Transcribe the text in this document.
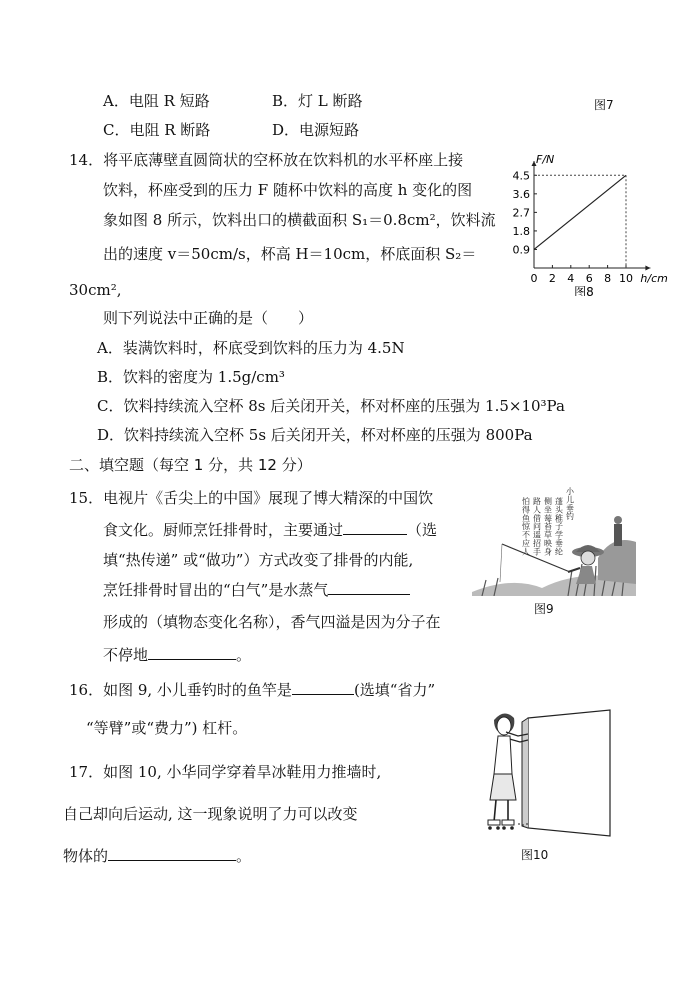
A．电阻 R 短路	B．灯 L 断路	图7
C．电阻 R 断路	D．电源短路
14．将平底薄壁直圆筒状的空杯放在饮料机的水平杯座上接
饮料，杯座受到的压力 F 随杯中饮料的高度 h 变化的图
象如图 8 所示，饮料出口的横截面积 S₁＝0.8cm²，饮料流
出的速度 v＝50cm/s，杯高 H＝10cm，杯底面积 S₂＝
30cm²,
则下列说法中正确的是（　　）
A．装满饮料时，杯底受到饮料的压力为 4.5N
B．饮料的密度为 1.5g/cm³
C．饮料持续流入空杯 8s 后关闭开关，杯对杯座的压强为 1.5×10³Pa
D．饮料持续流入空杯 5s 后关闭开关，杯对杯座的压强为 800Pa
F/N
h/cm
0.9
1.8
2.7
3.6
4.5
0 2 4 6 8 10
图8
二、填空题（每空 1 分，共 12 分）
15．电视片《舌尖上的中国》展现了博大精深的中国饮
食文化。厨师烹饪排骨时，主要通过	（选
填“热传递” 或“做功”）方式改变了排骨的内能,
烹饪排骨时冒出的“白气”是水蒸气
形成的（填物态变化名称），香气四溢是因为分子在
不停地	。
小儿垂钓
蓬头稚子学垂纶
侧坐莓苔草映身
路人借问遥招手
怕得鱼惊不应人
图9
16．如图 9, 小儿垂钓时的鱼竿是	(选填“省力”
“等臂”或“费力”) 杠杆。
17．如图 10, 小华同学穿着旱冰鞋用力推墙时,
自己却向后运动, 这一现象说明了力可以改变
物体的	。	图10
